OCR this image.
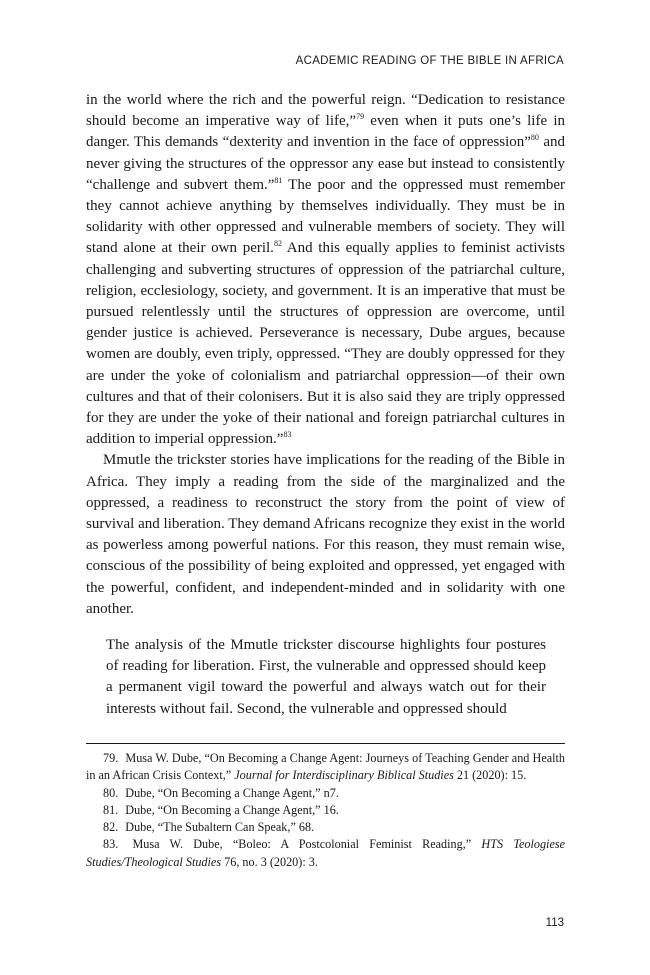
ACADEMIC READING OF THE BIBLE IN AFRICA

in the world where the rich and the powerful reign. “Dedication to resistance should become an imperative way of life,”$^{79}$ even when it puts one’s life in danger. This demands “dexterity and invention in the face of oppression”$^{80}$ and never giving the structures of the oppressor any ease but instead to consistently “challenge and subvert them.”$^{81}$ The poor and the oppressed must remember they cannot achieve anything by themselves individually. They must be in solidarity with other oppressed and vulnerable members of society. They will stand alone at their own peril.$^{82}$ And this equally applies to feminist activists challenging and subverting structures of oppression of the patriarchal culture, religion, ecclesiology, society, and government. It is an imperative that must be pursued relentlessly until the structures of oppression are overcome, until gender justice is achieved. Perseverance is necessary, Dube argues, because women are doubly, even triply, oppressed. “They are doubly oppressed for they are under the yoke of colonialism and patriarchal oppression—of their own cultures and that of their colonisers. But it is also said they are triply oppressed for they are under the yoke of their national and foreign patriarchal cultures in addition to imperial oppression.”$^{83}$

Mmutle the trickster stories have implications for the reading of the Bible in Africa. They imply a reading from the side of the marginalized and the oppressed, a readiness to reconstruct the story from the point of view of survival and liberation. They demand Africans recognize they exist in the world as powerless among powerful nations. For this reason, they must remain wise, conscious of the possibility of being exploited and oppressed, yet engaged with the powerful, confident, and independent-minded and in solidarity with one another.

The analysis of the Mmutle trickster discourse highlights four postures of reading for liberation. First, the vulnerable and oppressed should keep a permanent vigil toward the powerful and always watch out for their interests without fail. Second, the vulnerable and oppressed should

79. Musa W. Dube, “On Becoming a Change Agent: Journeys of Teaching Gender and Health in an African Crisis Context,” Journal for Interdisciplinary Biblical Studies 21 (2020): 15.

80. Dube, “On Becoming a Change Agent,” n7.

81. Dube, “On Becoming a Change Agent,” 16.

82. Dube, “The Subaltern Can Speak,” 68.

83. Musa W. Dube, “Boleo: A Postcolonial Feminist Reading,” HTS Teologiese Studies/Theological Studies 76, no. 3 (2020): 3.

113
